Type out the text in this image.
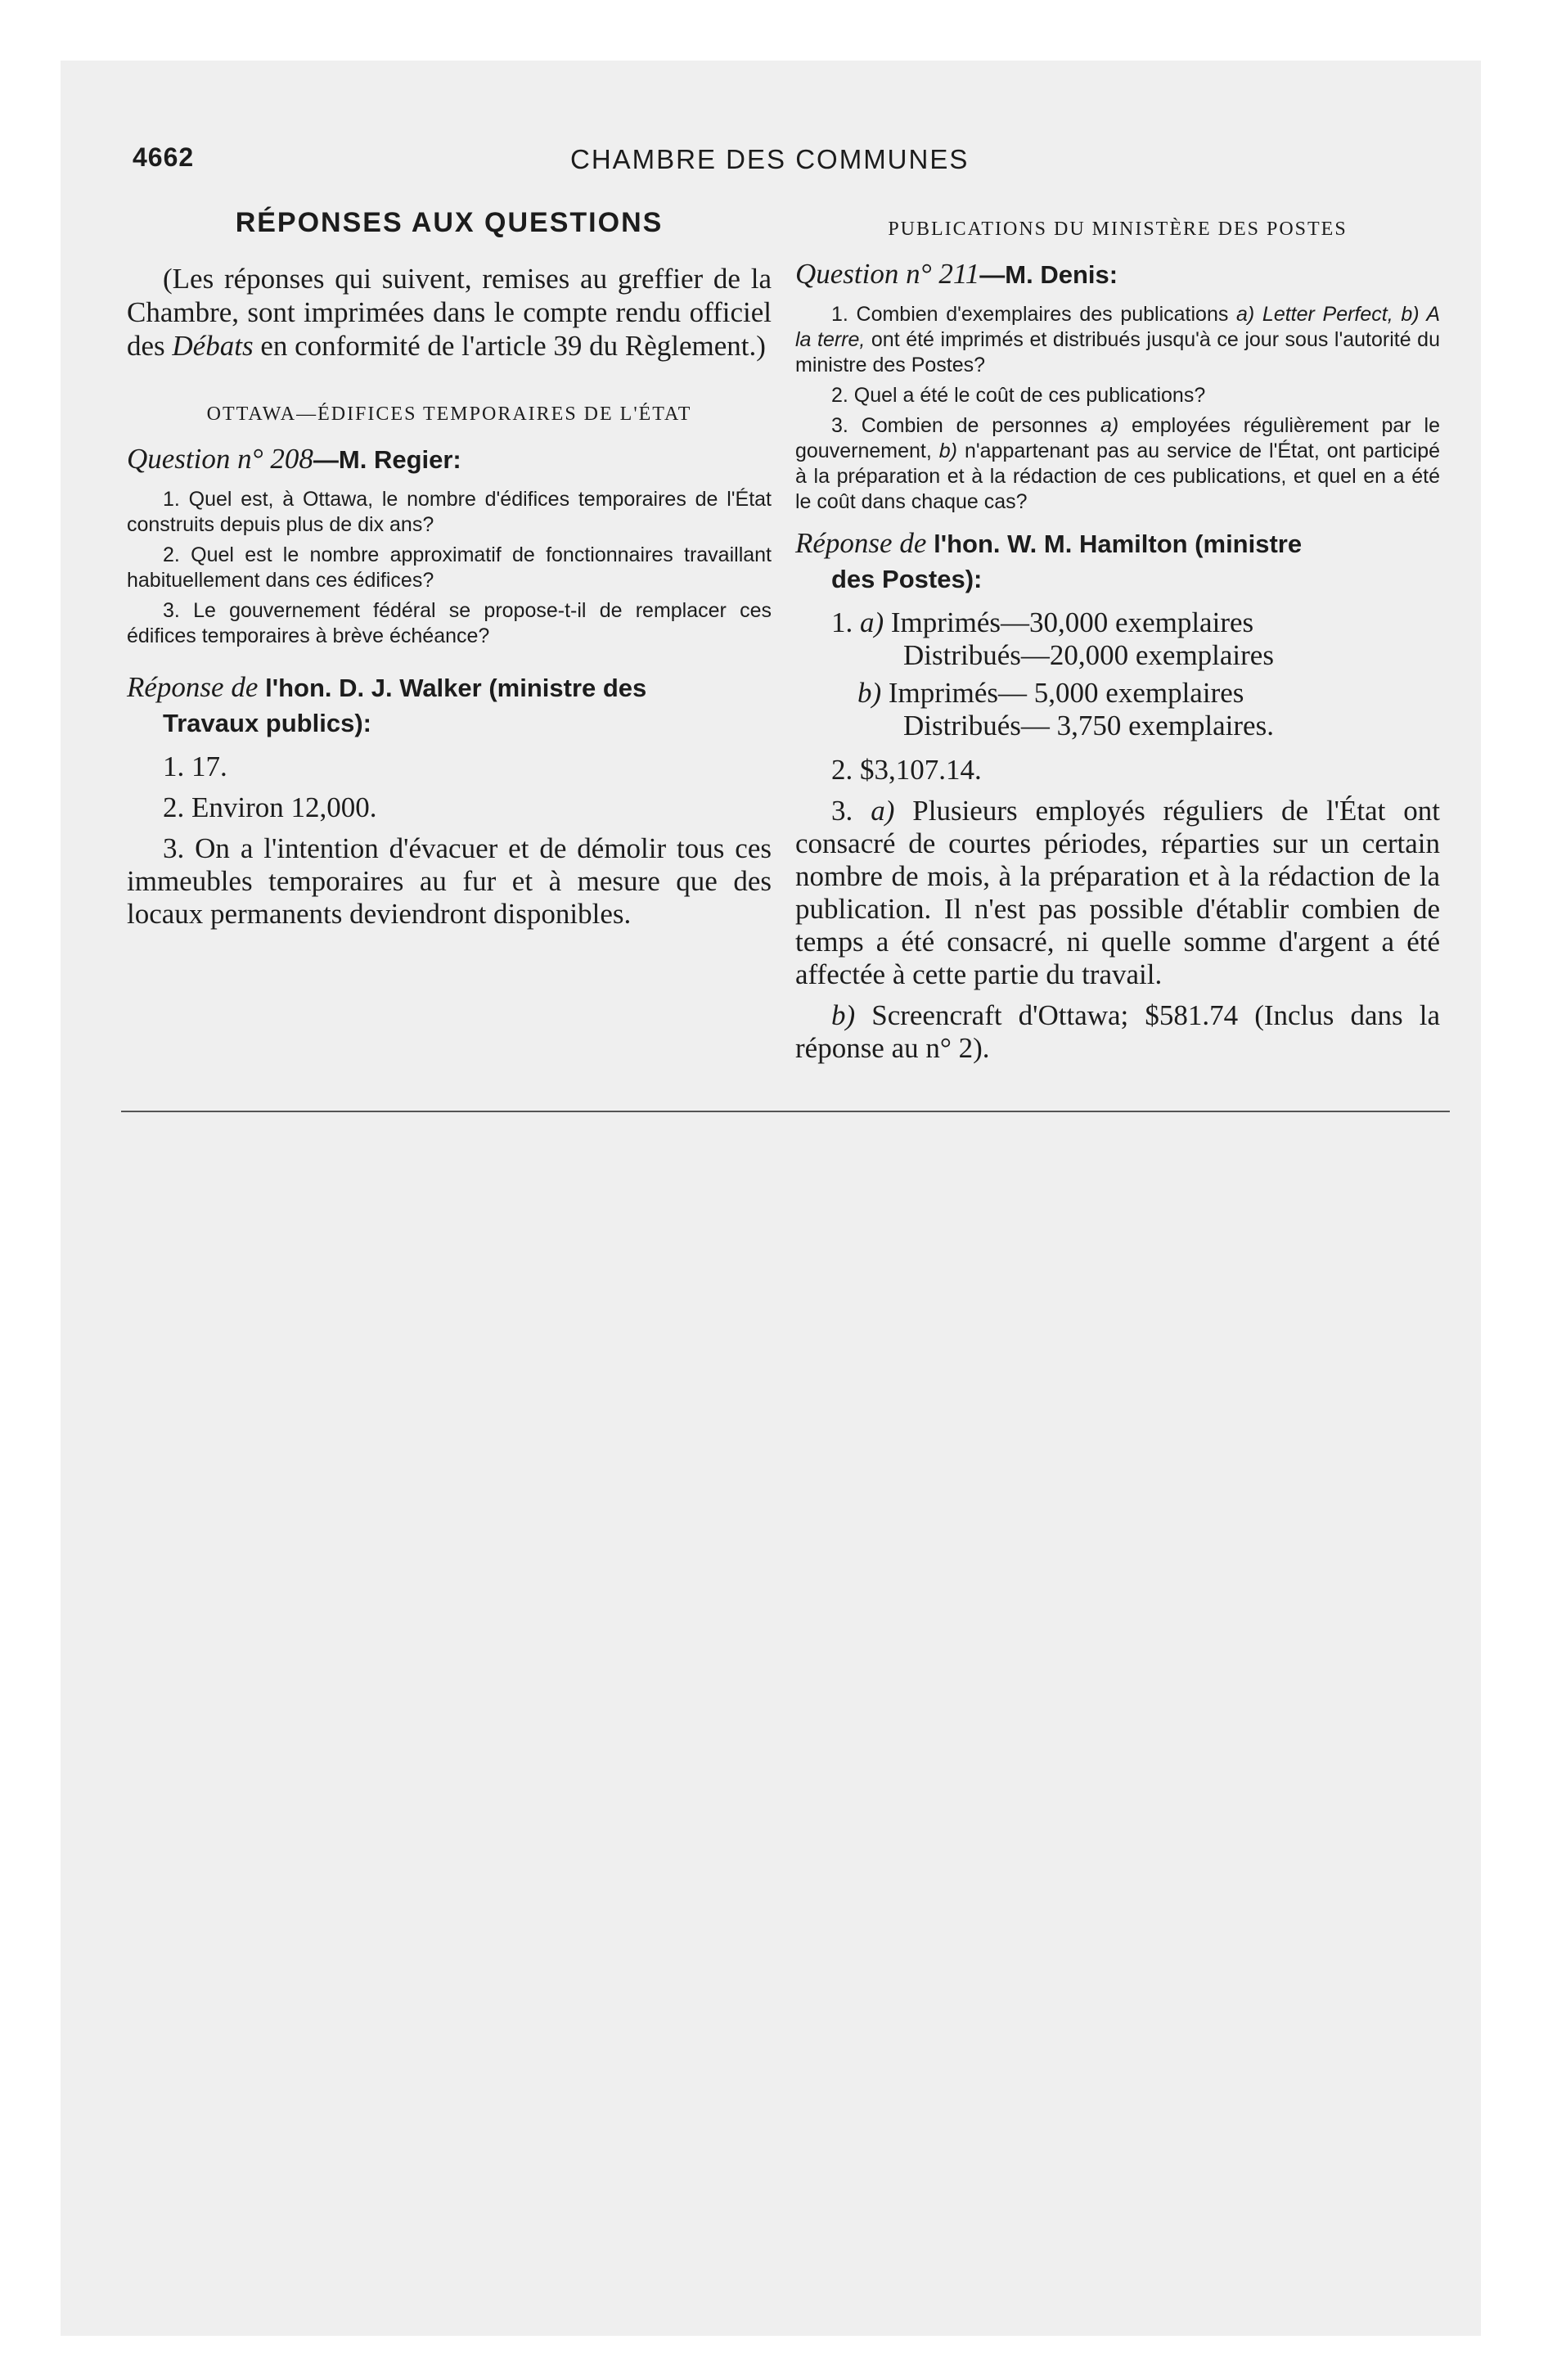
4662	CHAMBRE DES COMMUNES
RÉPONSES AUX QUESTIONS

(Les réponses qui suivent, remises au greffier de la Chambre, sont imprimées dans le compte rendu officiel des Débats en conformité de l'article 39 du Règlement.)

OTTAWA—ÉDIFICES TEMPORAIRES DE L'ÉTAT
Question n° 208—M. Regier:

1. Quel est, à Ottawa, le nombre d'édifices temporaires de l'État construits depuis plus de dix ans?

2. Quel est le nombre approximatif de fonctionnaires travaillant habituellement dans ces édifices?

3. Le gouvernement fédéral se propose-t-il de remplacer ces édifices temporaires à brève échéance?

Réponse de l'hon. D. J. Walker (ministre des
Travaux publics):

1. 17.

2. Environ 12,000.

3. On a l'intention d'évacuer et de démolir tous ces immeubles temporaires au fur et à mesure que des locaux permanents deviendront disponibles.

PUBLICATIONS DU MINISTÈRE DES POSTES
Question n° 211—M. Denis:

1. Combien d'exemplaires des publications a) Letter Perfect, b) A la terre, ont été imprimés et distribués jusqu'à ce jour sous l'autorité du ministre des Postes?

2. Quel a été le coût de ces publications?

3. Combien de personnes a) employées régulièrement par le gouvernement, b) n'appartenant pas au service de l'État, ont participé à la préparation et à la rédaction de ces publications, et quel en a été le coût dans chaque cas?

Réponse de l'hon. W. M. Hamilton (ministre
des Postes):
1. a) Imprimés—30,000 exemplaires
Distribués—20,000 exemplaires
b) Imprimés— 5,000 exemplaires
Distribués— 3,750 exemplaires.

2. $3,107.14.

3. a) Plusieurs employés réguliers de l'État ont consacré de courtes périodes, réparties sur un certain nombre de mois, à la préparation et à la rédaction de la publication. Il n'est pas possible d'établir combien de temps a été consacré, ni quelle somme d'argent a été affectée à cette partie du travail.

b) Screencraft d'Ottawa; $581.74 (Inclus dans la réponse au n° 2).
